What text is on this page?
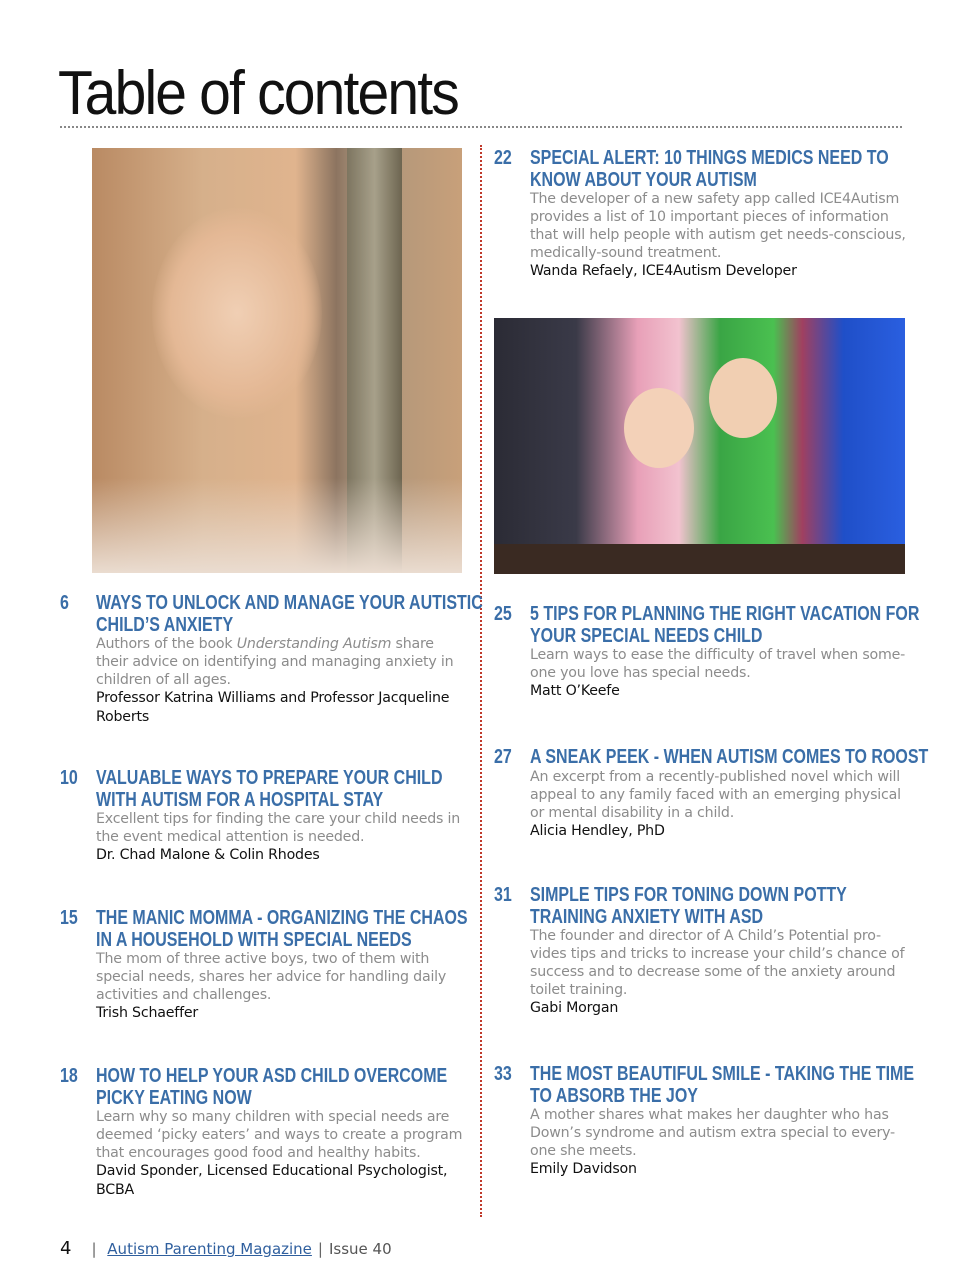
Table of contents
6 WAYS TO UNLOCK AND MANAGE YOUR AUTISTIC
CHILD’S ANXIETY
Authors of the book Understanding Autism share
their advice on identifying and managing anxiety in
children of all ages.
Professor Katrina Williams and Professor Jacqueline
Roberts
10 VALUABLE WAYS TO PREPARE YOUR CHILD
WITH AUTISM FOR A HOSPITAL STAY
Excellent tips for finding the care your child needs in
the event medical attention is needed.
Dr. Chad Malone & Colin Rhodes
15 THE MANIC MOMMA - ORGANIZING THE CHAOS
IN A HOUSEHOLD WITH SPECIAL NEEDS
The mom of three active boys, two of them with
special needs, shares her advice for handling daily
activities and challenges.
Trish Schaeffer
18 HOW TO HELP YOUR ASD CHILD OVERCOME
PICKY EATING NOW
Learn why so many children with special needs are
deemed ‘picky eaters’ and ways to create a program
that encourages good food and healthy habits.
David Sponder, Licensed Educational Psychologist,
BCBA
22 SPECIAL ALERT: 10 THINGS MEDICS NEED TO
KNOW ABOUT YOUR AUTISM
The developer of a new safety app called ICE4Autism
provides a list of 10 important pieces of information
that will help people with autism get needs-conscious,
medically-sound treatment.
Wanda Refaely, ICE4Autism Developer
25 5 TIPS FOR PLANNING THE RIGHT VACATION FOR
YOUR SPECIAL NEEDS CHILD
Learn ways to ease the difficulty of travel when some-
one you love has special needs.
Matt O’Keefe
27 A SNEAK PEEK - WHEN AUTISM COMES TO ROOST
An excerpt from a recently-published novel which will
appeal to any family faced with an emerging physical
or mental disability in a child.
Alicia Hendley, PhD
31 SIMPLE TIPS FOR TONING DOWN POTTY
TRAINING ANXIETY WITH ASD
The founder and director of A Child’s Potential pro-
vides tips and tricks to increase your child’s chance of
success and to decrease some of the anxiety around
toilet training.
Gabi Morgan
33 THE MOST BEAUTIFUL SMILE - TAKING THE TIME
TO ABSORB THE JOY
A mother shares what makes her daughter who has
Down’s syndrome and autism extra special to every-
one she meets.
Emily Davidson
4 | Autism Parenting Magazine | Issue 40
